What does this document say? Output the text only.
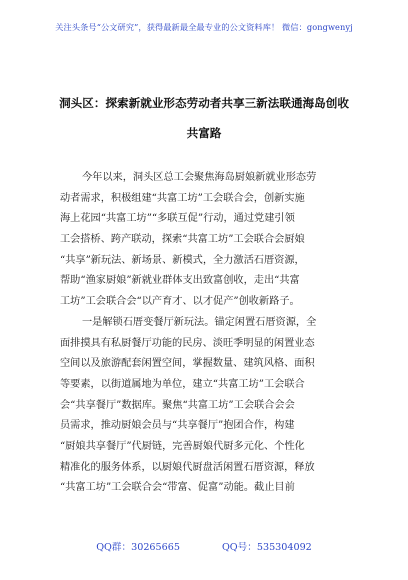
关注头条号“公文研究”，获得最新最全最专业的公文资料库！ 微信：gongwenyj
洞头区：探索新就业形态劳动者共享三新法联通海岛创收
共富路
今年以来，洞头区总工会聚焦海岛厨娘新就业形态劳
动者需求，积极组建“共富工坊”工会联合会，创新实施
海上花园“共富工坊”“多联互促”行动，通过党建引领
工会搭桥、跨产联动，探索“共富工坊”工会联合会厨娘
“共享”新玩法、新场景、新模式，全力激活石厝资源，
帮助“渔家厨娘”新就业群体支出致富创收，走出“共富
工坊”工会联合会“以产育才、以才促产”创收新路子。
一是解锁石厝变餐厅新玩法。锚定闲置石厝资源，全
面排摸具有私厨餐厅功能的民房、淡旺季明显的闲置业态
空间以及旅游配套闲置空间，掌握数量、建筑风格、面积
等要素，以街道属地为单位，建立“共富工坊”工会联合
会“共享餐厅”数据库。聚焦“共富工坊”工会联合会会
员需求，推动厨娘会员与“共享餐厅”抱团合作，构建
“厨娘共享餐厅”代厨链，完善厨娘代厨多元化、个性化
精准化的服务体系，以厨娘代厨盘活闲置石厝资源，释放
“共富工坊”工会联合会“带富、促富”动能。截止目前
QQ群：30265665	QQ号：535304092
